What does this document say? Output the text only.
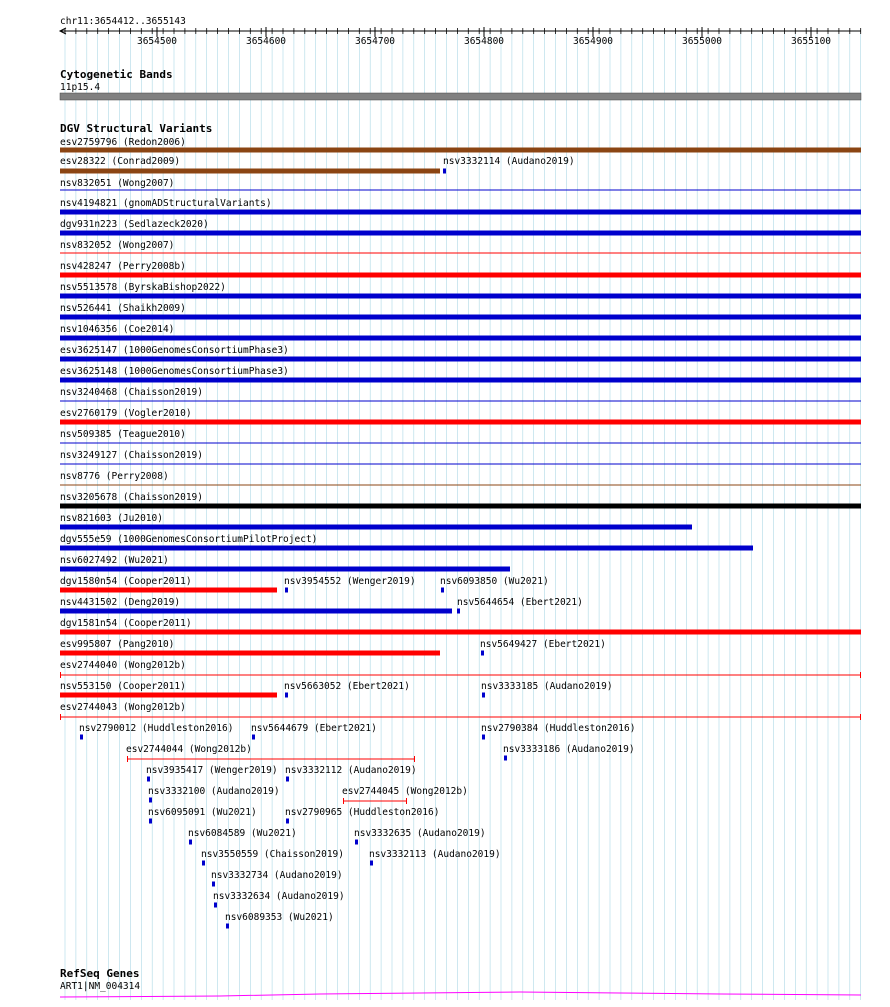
chr11:3654412..3655143
3654500	3654600	3654700	3654800	3654900	3655000	3655100
Cytogenetic Bands
11p15.4
DGV Structural Variants
esv2759796 (Redon2006)
esv28322 (Conrad2009)	nsv3332114 (Audano2019)
nsv832051 (Wong2007)
nsv4194821 (gnomADStructuralVariants)
dgv931n223 (Sedlazeck2020)
nsv832052 (Wong2007)
nsv428247 (Perry2008b)
nsv5513578 (ByrskaBishop2022)
nsv526441 (Shaikh2009)
nsv1046356 (Coe2014)
esv3625147 (1000GenomesConsortiumPhase3)
esv3625148 (1000GenomesConsortiumPhase3)
nsv3240468 (Chaisson2019)
esv2760179 (Vogler2010)
nsv509385 (Teague2010)
nsv3249127 (Chaisson2019)
nsv8776 (Perry2008)
nsv3205678 (Chaisson2019)
nsv821603 (Ju2010)
dgv555e59 (1000GenomesConsortiumPilotProject)
nsv6027492 (Wu2021)
dgv1580n54 (Cooper2011)	nsv3954552 (Wenger2019)	nsv6093850 (Wu2021)
nsv4431502 (Deng2019)	nsv5644654 (Ebert2021)
dgv1581n54 (Cooper2011)
esv995807 (Pang2010)	nsv5649427 (Ebert2021)
esv2744040 (Wong2012b)
nsv553150 (Cooper2011)	nsv5663052 (Ebert2021)	nsv3333185 (Audano2019)
esv2744043 (Wong2012b)
nsv2790012 (Huddleston2016) nsv5644679 (Ebert2021)	nsv2790384 (Huddleston2016)
esv2744044 (Wong2012b)	nsv3333186 (Audano2019)
nsv3935417 (Wenger2019) nsv3332112 (Audano2019)
nsv3332100 (Audano2019)	esv2744045 (Wong2012b)
nsv6095091 (Wu2021)	nsv2790965 (Huddleston2016)
nsv6084589 (Wu2021)	nsv3332635 (Audano2019)
nsv3550559 (Chaisson2019)	nsv3332113 (Audano2019)
nsv3332734 (Audano2019)
nsv3332634 (Audano2019)
nsv6089353 (Wu2021)
RefSeq Genes
ART1|NM_004314
